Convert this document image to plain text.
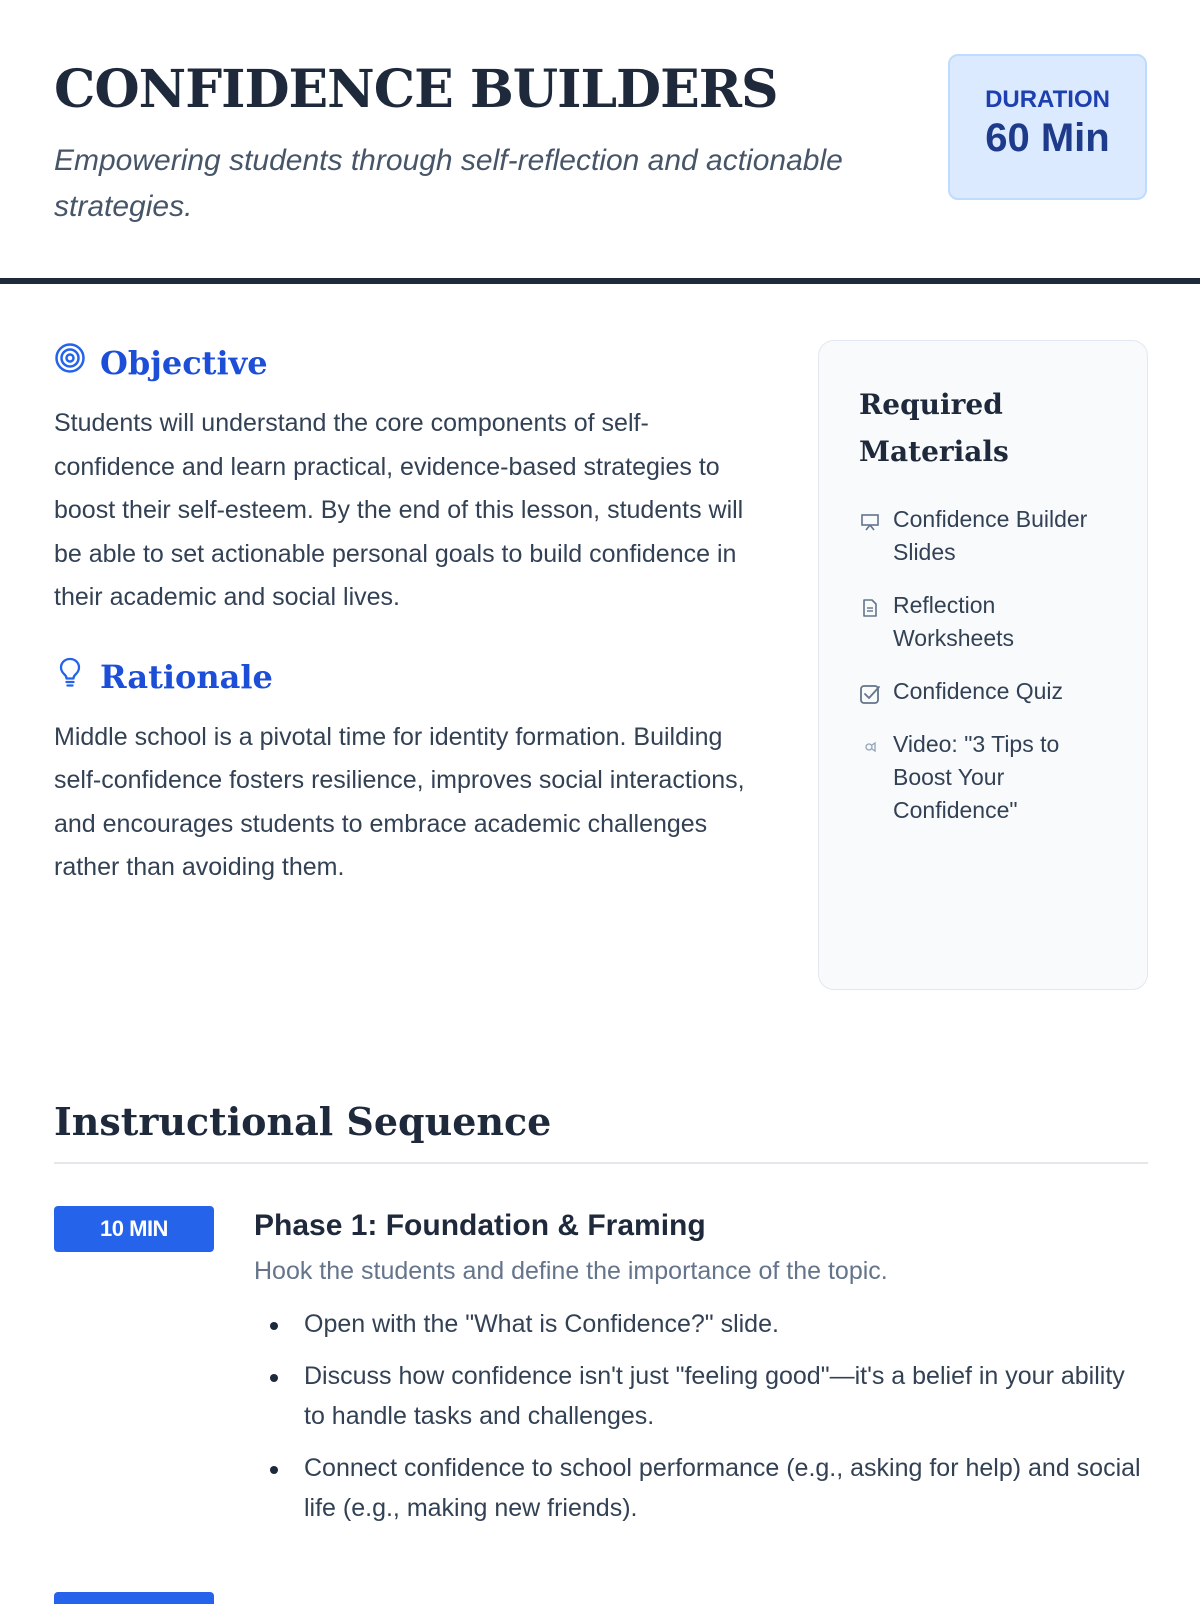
CONFIDENCE BUILDERS
Empowering students through self-reflection and actionable strategies.
DURATION
60 Min
Objective

Students will understand the core components of self-confidence and learn practical, evidence-based strategies to boost their self-esteem. By the end of this lesson, students will be able to set actionable personal goals to build confidence in their academic and social lives.

Rationale

Middle school is a pivotal time for identity formation. Building self-confidence fosters resilience, improves social interactions, and encourages students to embrace academic challenges rather than avoiding them.

Required Materials
Confidence Builder Slides
Reflection Worksheets
Confidence Quiz
Video: "3 Tips to Boost Your Confidence"
Instructional Sequence
10 MIN	Phase 1: Foundation & Framing
Hook the students and define the importance of the topic.
Open with the "What is Confidence?" slide.
Discuss how confidence isn't just "feeling good"—it's a belief in your ability to handle tasks and challenges.
Connect confidence to school performance (e.g., asking for help) and social life (e.g., making new friends).
